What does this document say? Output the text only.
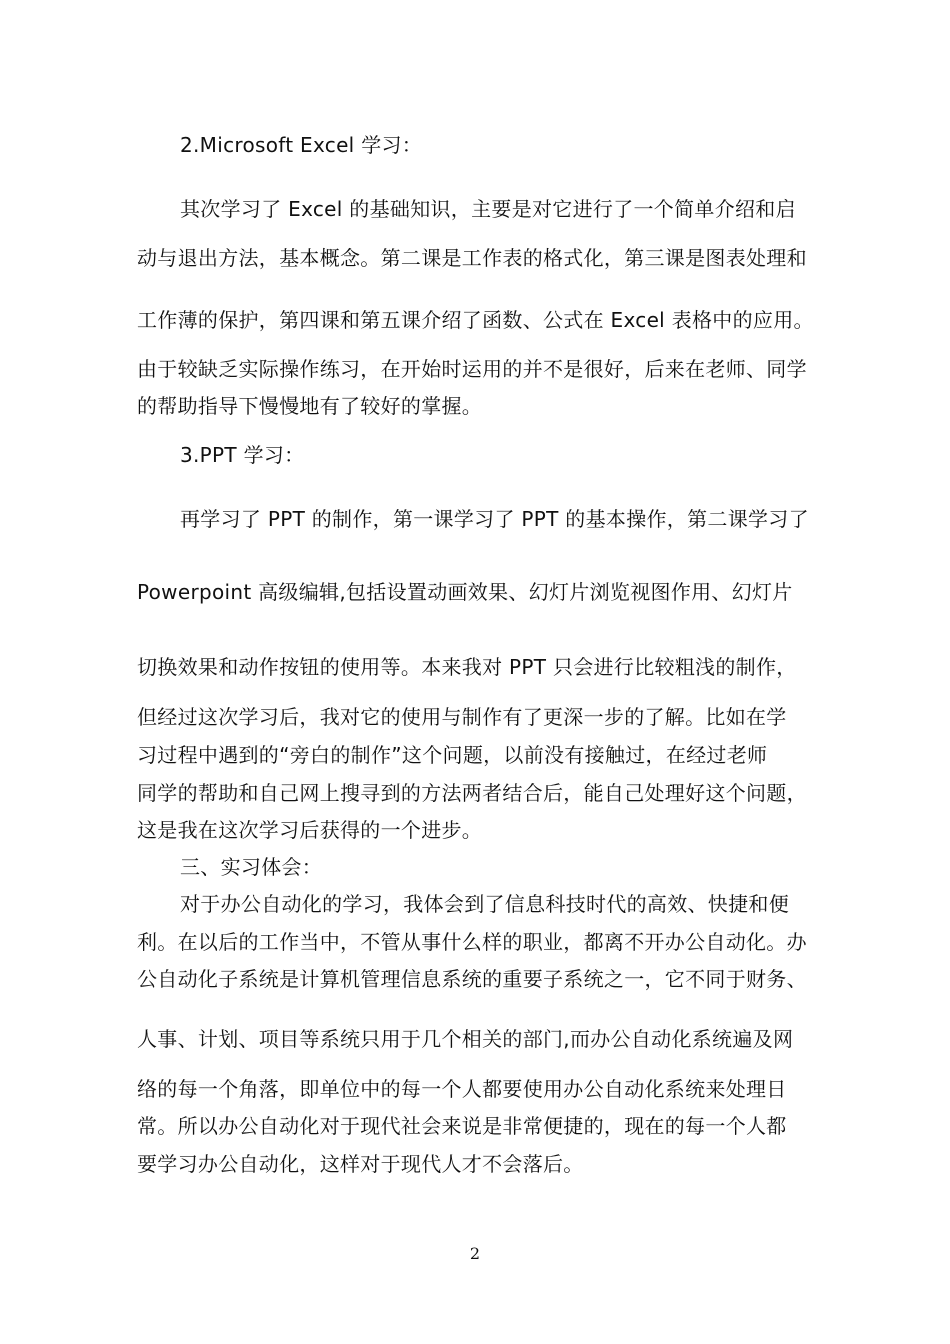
2.Microsoft Excel 学习：
其次学习了 Excel 的基础知识，主要是对它进行了一个简单介绍和启
动与退出方法，基本概念。第二课是工作表的格式化，第三课是图表处理和
工作薄的保护，第四课和第五课介绍了函数、公式在 Excel 表格中的应用。
由于较缺乏实际操作练习，在开始时运用的并不是很好，后来在老师、同学
的帮助指导下慢慢地有了较好的掌握。
3.PPT 学习：
再学习了 PPT 的制作，第一课学习了 PPT 的基本操作，第二课学习了
Powerpoint 高级编辑,包括设置动画效果、幻灯片浏览视图作用、幻灯片
切换效果和动作按钮的使用等。本来我对 PPT 只会进行比较粗浅的制作，
但经过这次学习后，我对它的使用与制作有了更深一步的了解。比如在学
习过程中遇到的“旁白的制作”这个问题，以前没有接触过，在经过老师
同学的帮助和自己网上搜寻到的方法两者结合后，能自己处理好这个问题，
这是我在这次学习后获得的一个进步。
三、实习体会：
对于办公自动化的学习，我体会到了信息科技时代的高效、快捷和便
利。在以后的工作当中，不管从事什么样的职业，都离不开办公自动化。办
公自动化子系统是计算机管理信息系统的重要子系统之一，它不同于财务、
人事、计划、项目等系统只用于几个相关的部门,而办公自动化系统遍及网
络的每一个角落，即单位中的每一个人都要使用办公自动化系统来处理日
常。所以办公自动化对于现代社会来说是非常便捷的，现在的每一个人都
要学习办公自动化，这样对于现代人才不会落后。
2
